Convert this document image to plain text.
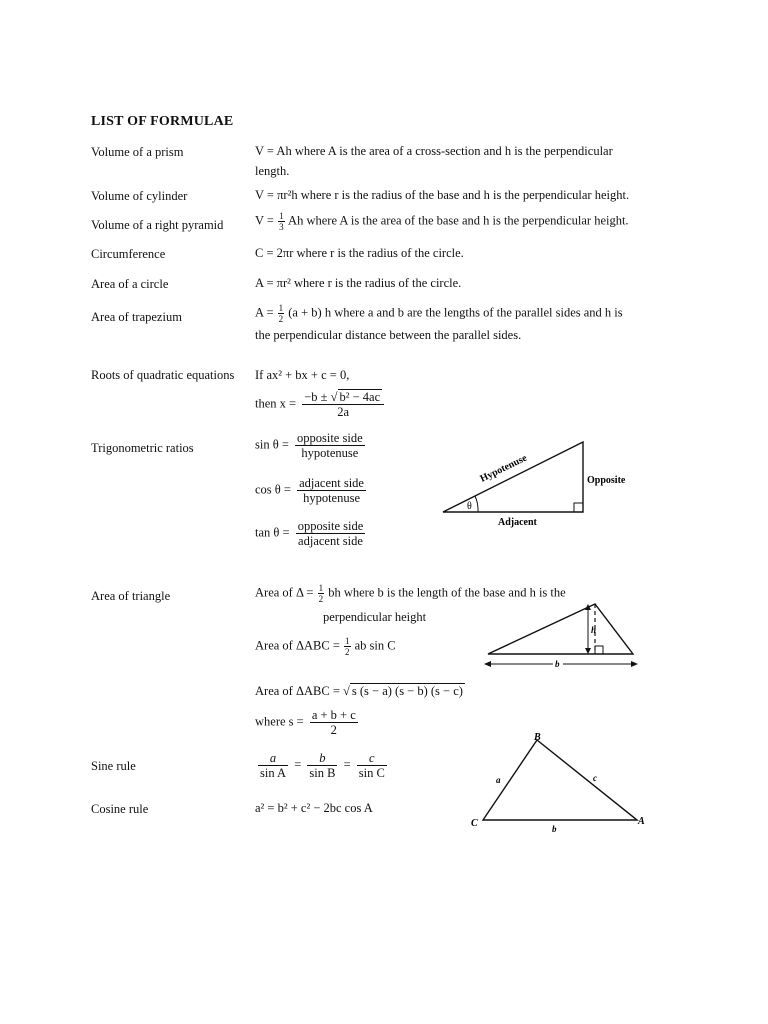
LIST OF FORMULAE
Volume of a prism	V = Ah where A is the area of a cross-section and h is the perpendicular
length.
Volume of cylinder	V = πr²h where r is the radius of the base and h is the perpendicular height.
Volume of a right pyramid	$V = \frac{1}{3}$ Ah where A is the area of the base and h is the perpendicular height.
Circumference	C = 2πr where r is the radius of the circle.
Area of a circle	A = πr² where r is the radius of the circle.
Area of trapezium	$A = \frac{1}{2} (a + b)$ h where a and b are the lengths of the parallel sides and h is
the perpendicular distance between the parallel sides.
Roots of quadratic equations If ax² + bx + c = 0,
then $x = \frac{\text{−b ± √ b² − 4ac}}{2a}$
Trigonometric ratios	$\sin \theta = \frac{\text{opposite side}}{\text{hypotenuse}}$
$\cos \theta = \frac{\text{adjacent side}}{\text{hypotenuse}}$
$\tan \theta = \frac{\text{opposite side}}{\text{adjacent side}}$
θ
Hypotenuse	Opposite
Adjacent
Area of triangle	Area of $\Delta = \frac{1}{2}$ bh where b is the length of the base and h is the
perpendicular height
Area of $\Delta ABC = \frac{1}{2}$ ab sin C
Area of ΔABC = √ s (s − a) (s − b) (s − c)
where $s = \frac{a + b + c}{2}$
h
b
Sine rule	$\frac{a}{\text{sin A}} = \frac{b}{\text{sin B}} = \frac{c}{\text{sin C}}$
Cosine rule	a² = b² + c² − 2bc cos A
B
C	A
a	c
b
